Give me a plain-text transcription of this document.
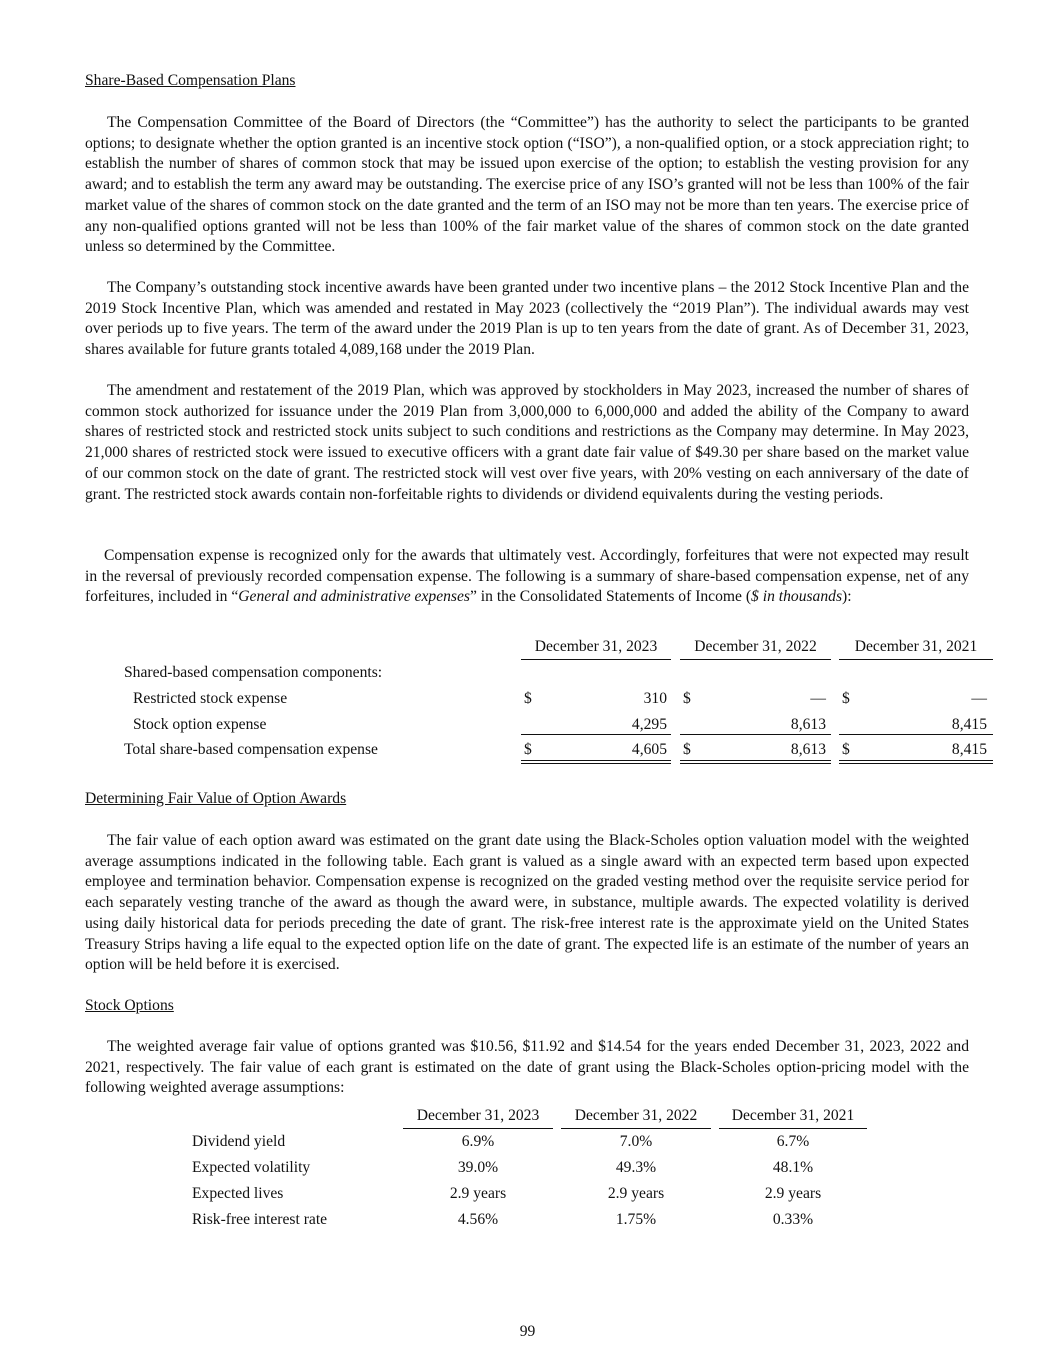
Share-Based Compensation Plans

The Compensation Committee of the Board of Directors (the “Committee”) has the authority to select the participants to be granted options; to designate whether the option granted is an incentive stock option (“ISO”), a non-qualified option, or a stock appreciation right; to establish the number of shares of common stock that may be issued upon exercise of the option; to establish the vesting provision for any award; and to establish the term any award may be outstanding. The exercise price of any ISO’s granted will not be less than 100% of the fair market value of the shares of common stock on the date granted and the term of an ISO may not be more than ten years. The exercise price of any non-qualified options granted will not be less than 100% of the fair market value of the shares of common stock on the date granted unless so determined by the Committee.

The Company’s outstanding stock incentive awards have been granted under two incentive plans – the 2012 Stock Incentive Plan and the 2019 Stock Incentive Plan, which was amended and restated in May 2023 (collectively the “2019 Plan”). The individual awards may vest over periods up to five years. The term of the award under the 2019 Plan is up to ten years from the date of grant. As of December 31, 2023, shares available for future grants totaled 4,089,168 under the 2019 Plan.

The amendment and restatement of the 2019 Plan, which was approved by stockholders in May 2023, increased the number of shares of common stock authorized for issuance under the 2019 Plan from 3,000,000 to 6,000,000 and added the ability of the Company to award shares of restricted stock and restricted stock units subject to such conditions and restrictions as the Company may determine. In May 2023, 21,000 shares of restricted stock were issued to executive officers with a grant date fair value of $49.30 per share based on the market value of our common stock on the date of grant. The restricted stock will vest over five years, with 20% vesting on each anniversary of the date of grant. The restricted stock awards contain non-forfeitable rights to dividends or dividend equivalents during the vesting periods.

Compensation expense is recognized only for the awards that ultimately vest. Accordingly, forfeitures that were not expected may result in the reversal of previously recorded compensation expense. The following is a summary of share-based compensation expense, net of any forfeitures, included in “General and administrative expenses” in the Consolidated Statements of Income ($ in thousands):

December 31, 2023	December 31, 2022	December 31, 2021
Shared-based compensation components:
Restricted stock expense	$	310 $	— $	—
Stock option expense	4,295	8,613	8,415
Total share-based compensation expense	$	4,605 $	8,613 $	8,415
Determining Fair Value of Option Awards

The fair value of each option award was estimated on the grant date using the Black-Scholes option valuation model with the weighted average assumptions indicated in the following table. Each grant is valued as a single award with an expected term based upon expected employee and termination behavior. Compensation expense is recognized on the graded vesting method over the requisite service period for each separately vesting tranche of the award as though the award were, in substance, multiple awards. The expected volatility is derived using daily historical data for periods preceding the date of grant. The risk-free interest rate is the approximate yield on the United States Treasury Strips having a life equal to the expected option life on the date of grant. The expected life is an estimate of the number of years an option will be held before it is exercised.

Stock Options

The weighted average fair value of options granted was $10.56, $11.92 and $14.54 for the years ended December 31, 2023, 2022 and 2021, respectively. The fair value of each grant is estimated on the date of grant using the Black-Scholes option-pricing model with the following weighted average assumptions:

December 31, 2023	December 31, 2022	December 31, 2021
Dividend yield	6.9%	7.0%	6.7%
Expected volatility	39.0%	49.3%	48.1%
Expected lives	2.9 years	2.9 years	2.9 years
Risk-free interest rate	4.56%	1.75%	0.33%
99
